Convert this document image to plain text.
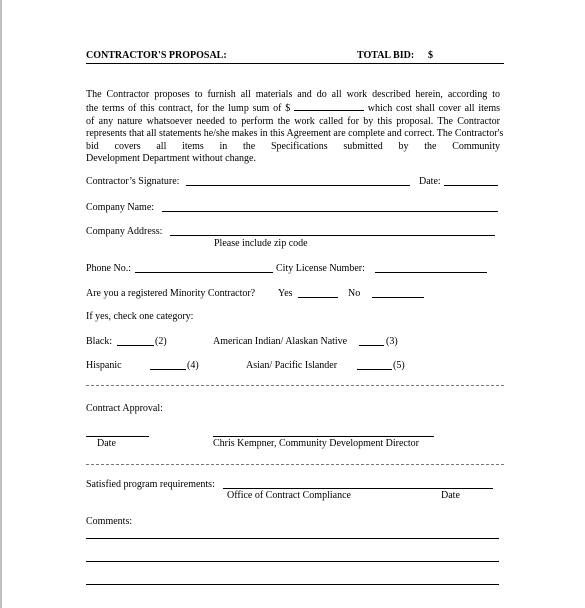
CONTRACTOR'S PROPOSAL:	TOTAL BID: $
The Contractor proposes to furnish all materials and do all work described herein, according to
the terms of this contract, for the lump sum of $	which cost shall cover all items
of any nature whatsoever needed to perform the work called for by this proposal. The Contractor
represents that all statements he/she makes in this Agreement are complete and correct. The Contractor's
bid covers all items in the Specifications submitted by the Community
Development Department without change.
Contractor’s Signature:	Date:
Company Name:
Company Address:
Please include zip code
Phone No.:	City License Number:
Are you a registered Minority Contractor? Yes	No
If yes, check one category:
Black:	(2)	American Indian/ Alaskan Native	(3)
Hispanic	(4)	Asian/ Pacific Islander	(5)
Contract Approval:
Date	Chris Kempner, Community Development Director
Satisfied program requirements:
Office of Contract Compliance	Date
Comments:
